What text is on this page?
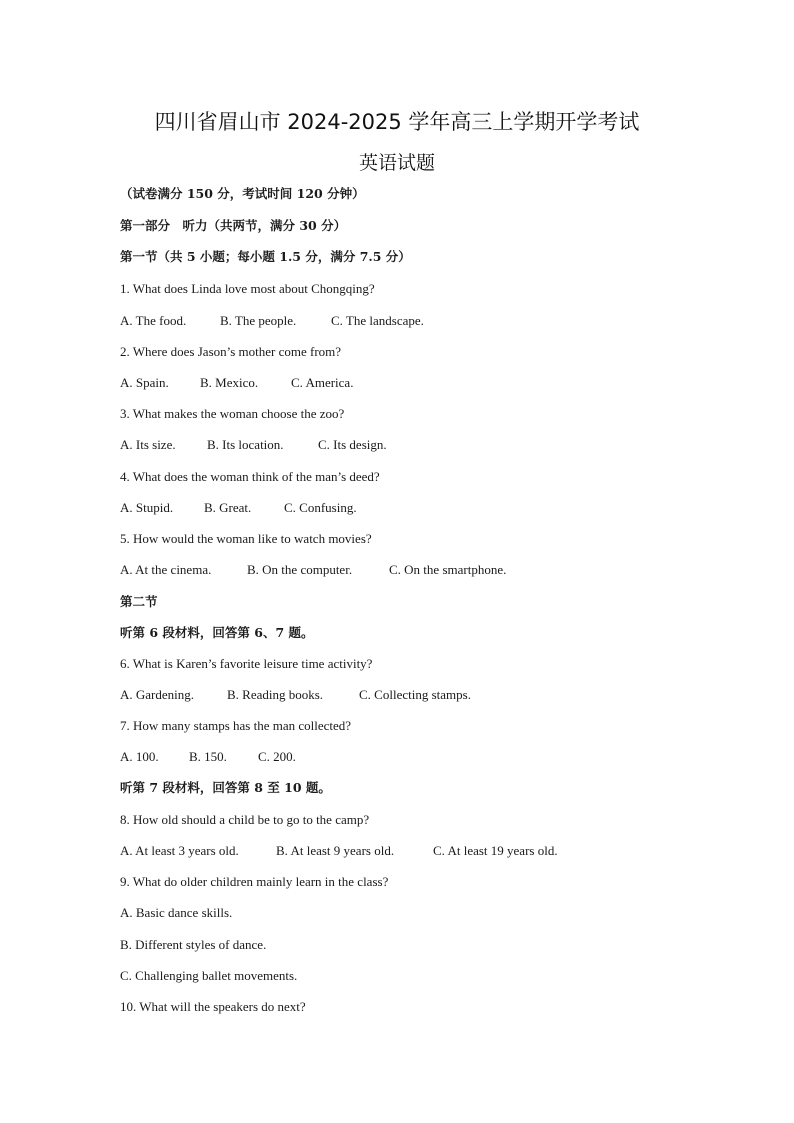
四川省眉山市 2024-2025 学年高三上学期开学考试
英语试题

（试卷满分 150 分，考试时间 120 分钟）

第一部分　听力（共两节，满分 30 分）

第一节（共 5 小题；每小题 1.5 分，满分 7.5 分）

1. What does Linda love most about Chongqing?

A. The food.	B. The people.	C. The landscape.

2. Where does Jason’s mother come from?

A. Spain. B. Mexico.	C. America.

3. What makes the woman choose the zoo?

A. Its size. B. Its location.	C. Its design.

4. What does the woman think of the man’s deed?

A. Stupid. B. Great.	C. Confusing.

5. How would the woman like to watch movies?

A. At the cinema.	B. On the computer.	C. On the smartphone.

第二节

听第 6 段材料，回答第 6、7 题。

6. What is Karen’s favorite leisure time activity?

A. Gardening.	B. Reading books.	C. Collecting stamps.

7. How many stamps has the man collected?

A. 100. B. 150. C. 200.

听第 7 段材料，回答第 8 至 10 题。

8. How old should a child be to go to the camp?

A. At least 3 years old.	B. At least 9 years old.	C. At least 19 years old.

9. What do older children mainly learn in the class?

A. Basic dance skills.

B. Different styles of dance.

C. Challenging ballet movements.

10. What will the speakers do next?
